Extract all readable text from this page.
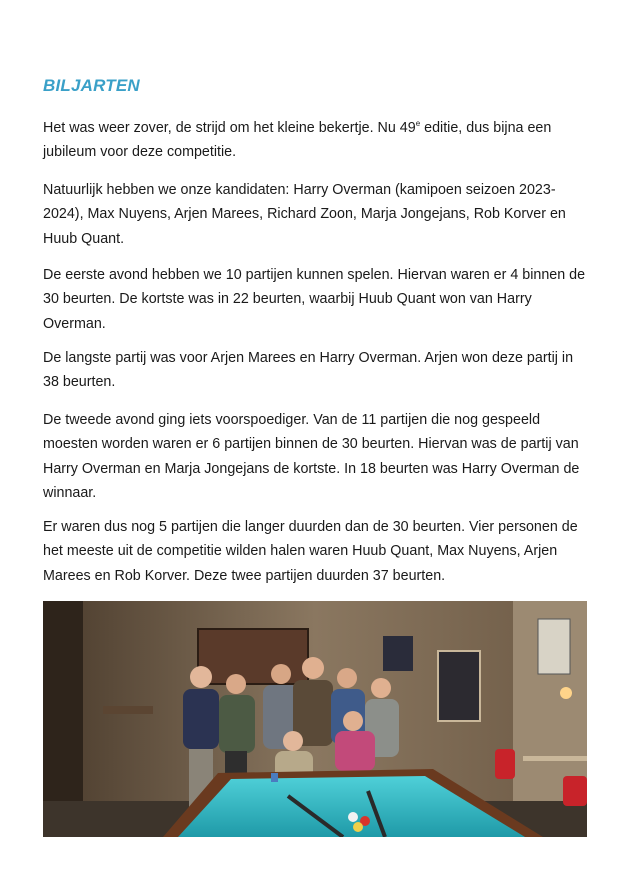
BILJARTEN

Het was weer zover, de strijd om het kleine bekertje. Nu 49e editie, dus bijna een jubileum voor deze competitie.

Natuurlijk hebben we onze kandidaten: Harry Overman (kamipoen seizoen 2023-2024), Max Nuyens, Arjen Marees, Richard Zoon, Marja Jongejans, Rob Korver en Huub Quant.

De eerste avond hebben we 10 partijen kunnen spelen. Hiervan waren er 4 binnen de 30 beurten. De kortste was in 22 beurten, waarbij Huub Quant won van Harry Overman.

De langste partij was voor Arjen Marees en Harry Overman. Arjen won deze partij in 38 beurten.

De tweede avond ging iets voorspoediger. Van de 11 partijen die nog gespeeld moesten worden waren er 6 partijen binnen de 30 beurten. Hiervan was de partij van Harry Overman en Marja Jongejans de kortste. In 18 beurten was Harry Overman de winnaar.

Er waren dus nog 5 partijen die langer duurden dan de 30 beurten. Vier personen de het meeste uit de competitie wilden halen waren Huub Quant, Max Nuyens, Arjen Marees en Rob Korver. Deze twee partijen duurden 37 beurten.
